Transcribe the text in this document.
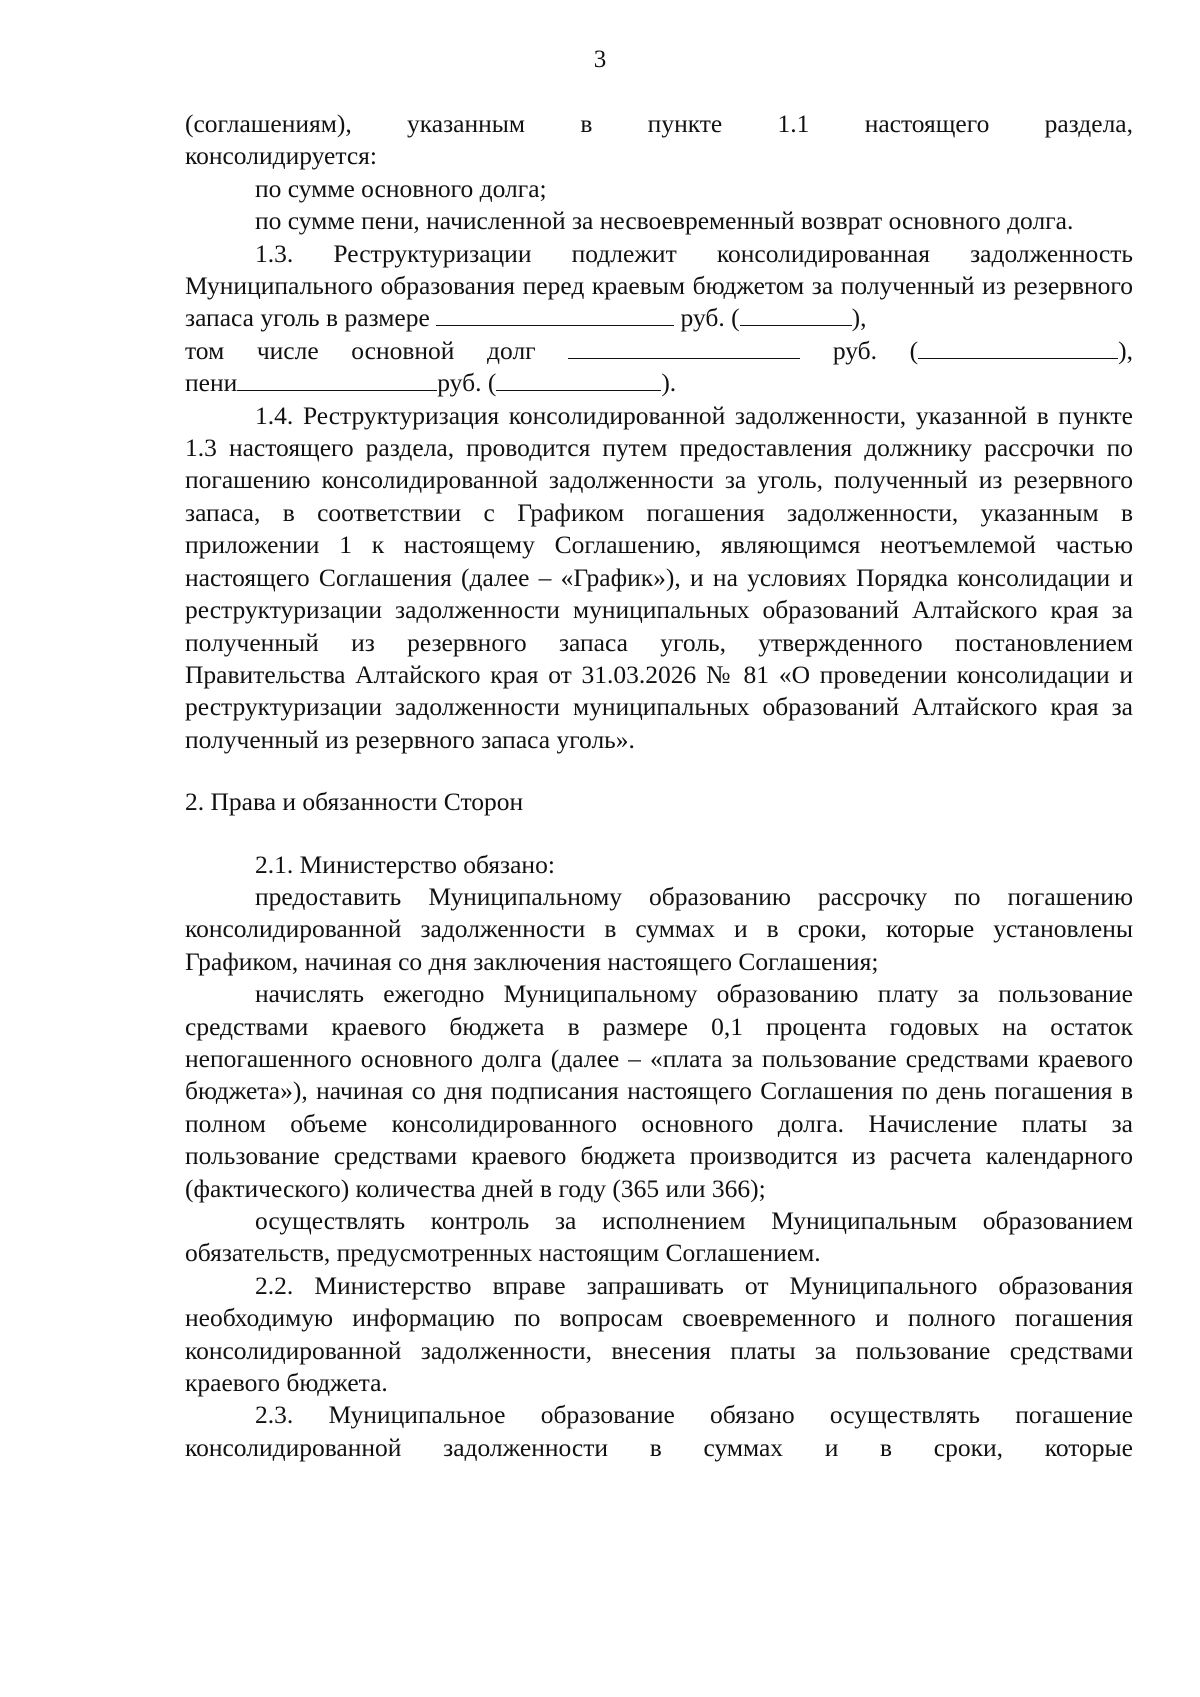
3

(соглашениям), указанным в пункте 1.1 настоящего раздела,

консолидируется:

по сумме основного долга;

по сумме пени, начисленной за несвоевременный возврат основного долга.

1.3. Реструктуризации подлежит консолидированная задолженность Муниципального образования перед краевым бюджетом за полученный из резервного запаса уголь в размере	руб. (	),

том числе основной долг	руб. (	),

пени	руб. (	).

1.4. Реструктуризация консолидированной задолженности, указанной в пункте 1.3 настоящего раздела, проводится путем предоставления должнику рассрочки по погашению консолидированной задолженности за уголь, полученный из резервного запаса, в соответствии с Графиком погашения задолженности, указанным в приложении 1 к настоящему Соглашению, являющимся неотъемлемой частью настоящего Соглашения (далее – «График»), и на условиях Порядка консолидации и реструктуризации задолженности муниципальных образований Алтайского края за полученный из резервного запаса уголь, утвержденного постановлением Правительства Алтайского края от 31.03.2026 № 81 «О проведении консолидации и реструктуризации задолженности муниципальных образований Алтайского края за полученный из резервного запаса уголь».

2. Права и обязанности Сторон

2.1. Министерство обязано:

предоставить Муниципальному образованию рассрочку по погашению консолидированной задолженности в суммах и в сроки, которые установлены Графиком, начиная со дня заключения настоящего Соглашения;

начислять ежегодно Муниципальному образованию плату за пользование средствами краевого бюджета в размере 0,1 процента годовых на остаток непогашенного основного долга (далее – «плата за пользование средствами краевого бюджета»), начиная со дня подписания настоящего Соглашения по день погашения в полном объеме консолидированного основного долга. Начисление платы за пользование средствами краевого бюджета производится из расчета календарного (фактического) количества дней в году (365 или 366);

осуществлять контроль за исполнением Муниципальным образованием обязательств, предусмотренных настоящим Соглашением.

2.2. Министерство вправе запрашивать от Муниципального образования необходимую информацию по вопросам своевременного и полного погашения консолидированной задолженности, внесения платы за пользование средствами краевого бюджета.

2.3. Муниципальное образование обязано осуществлять погашение консолидированной задолженности в суммах и в сроки, которые
